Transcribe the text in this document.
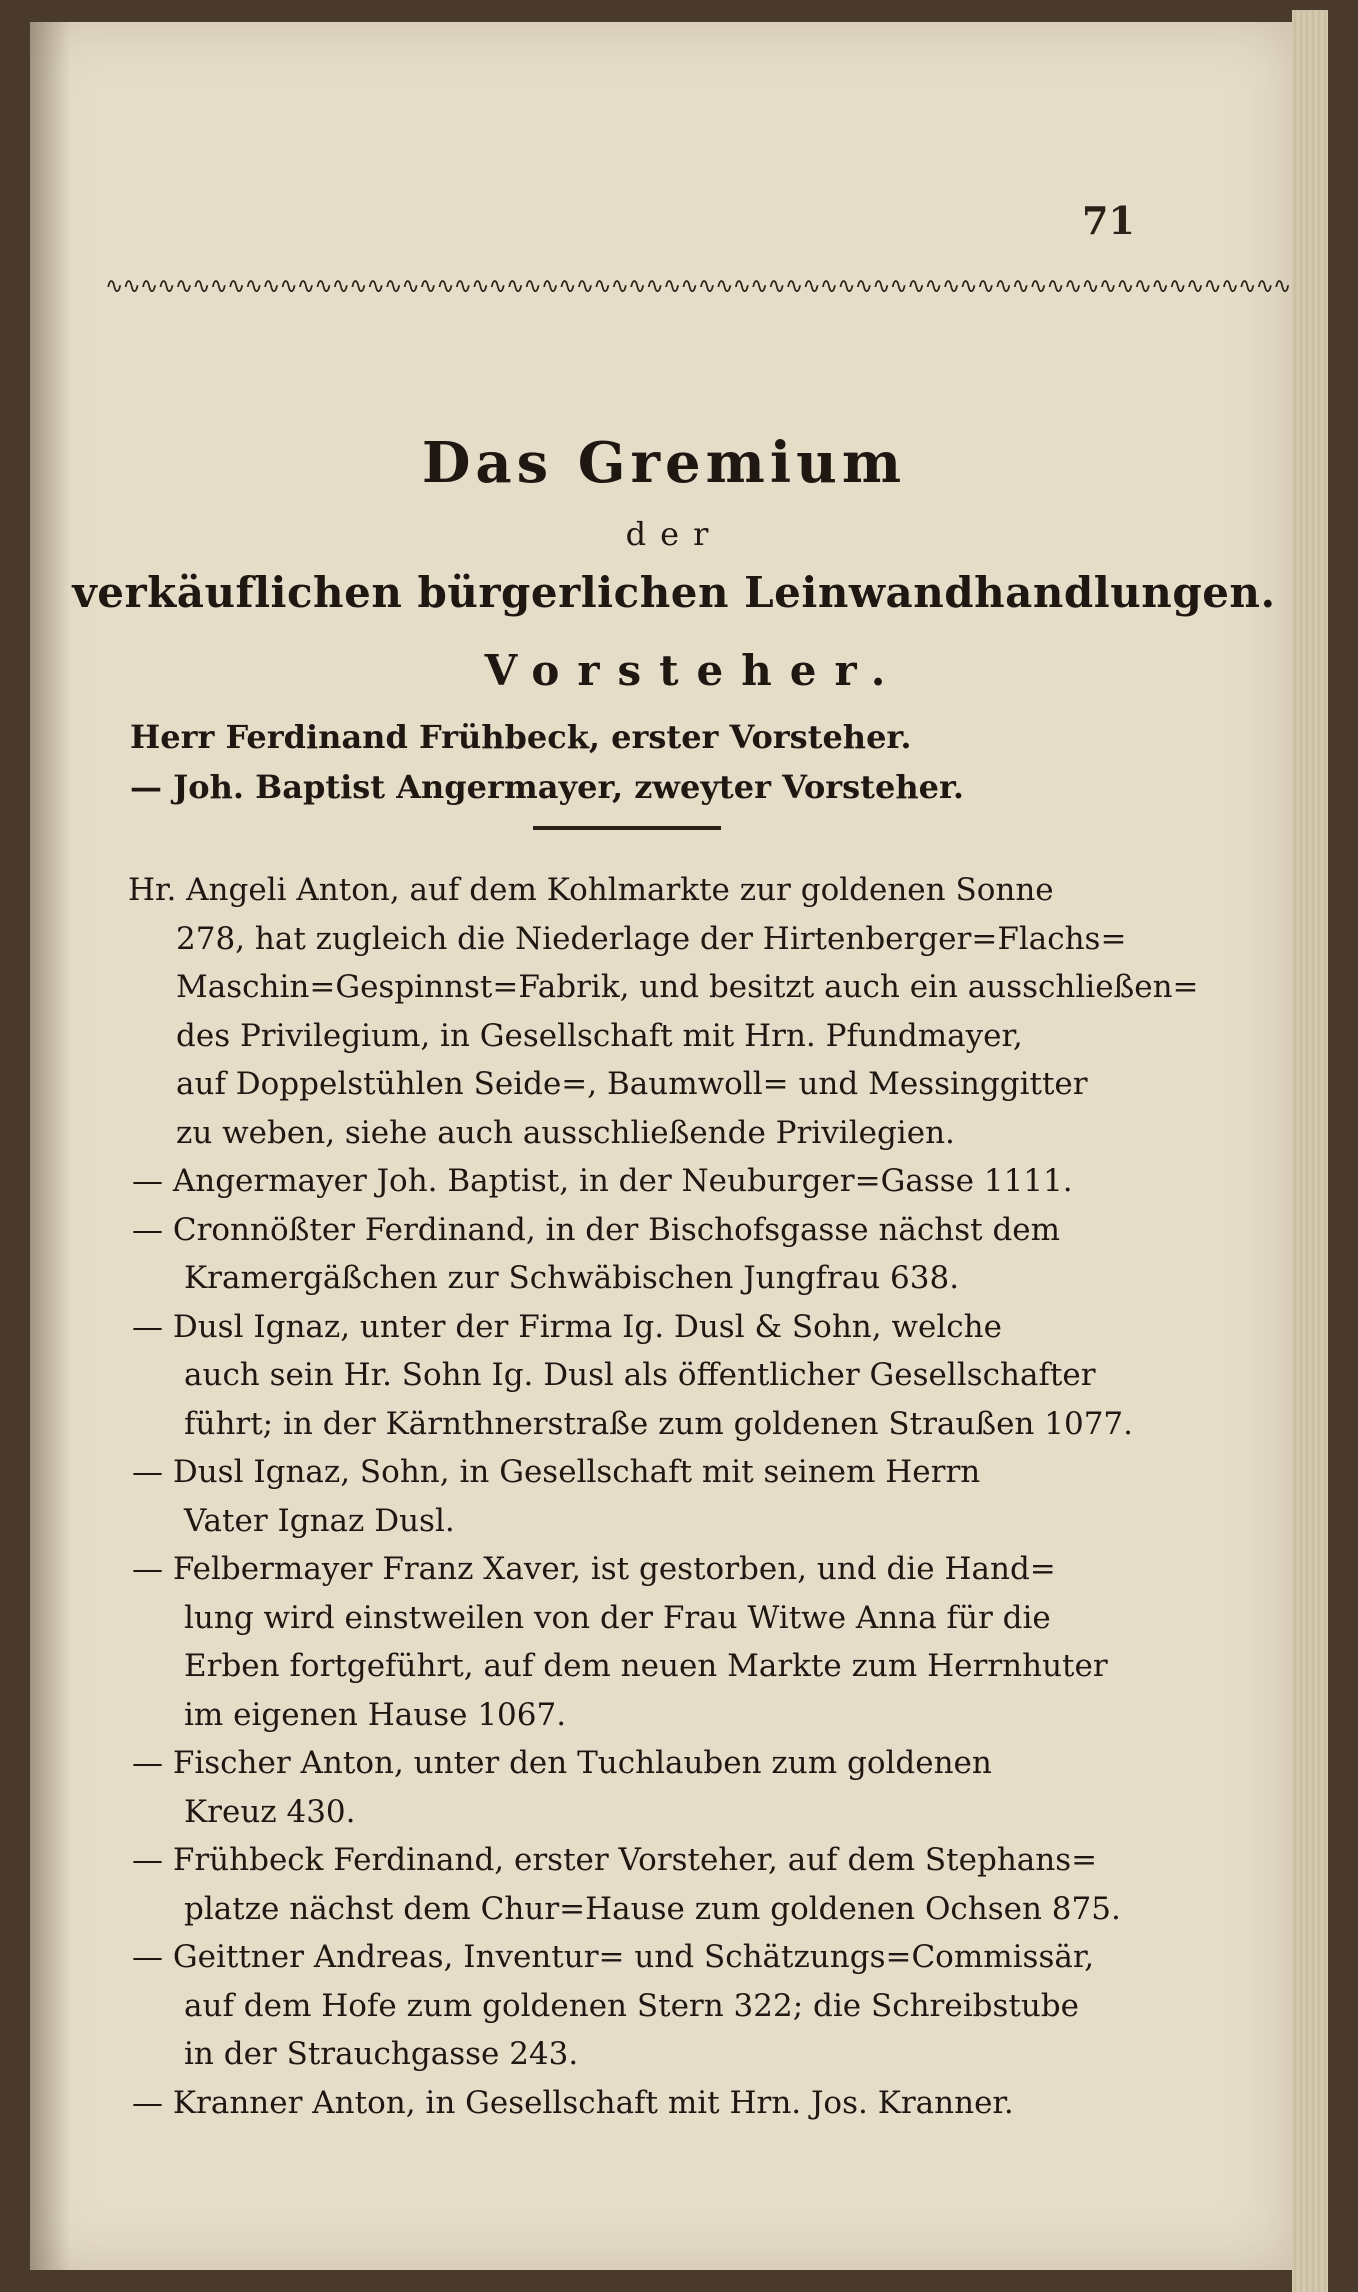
71
∿∿∿∿∿∿∿∿∿∿∿∿∿∿∿∿∿∿∿∿∿∿∿∿∿∿∿∿∿∿∿∿∿∿∿∿∿∿∿∿∿∿∿∿∿∿∿∿∿∿∿∿∿∿∿∿∿∿∿∿∿∿∿∿∿∿∿∿
Das Gremium
der
verkäuflichen bürgerlichen Leinwandhandlungen.
Vorsteher.
Herr Ferdinand Frühbeck, erster Vorsteher.
— Joh. Baptist Angermayer, zweyter Vorsteher.
Hr. Angeli Anton, auf dem Kohlmarkte zur goldenen Sonne
278, hat zugleich die Niederlage der Hirtenberger=Flachs=
Maschin=Gespinnst=Fabrik, und besitzt auch ein ausschließen=
des Privilegium, in Gesellschaft mit Hrn. Pfundmayer,
auf Doppelstühlen Seide=, Baumwoll= und Messinggitter
zu weben, siehe auch ausschließende Privilegien.
— Angermayer Joh. Baptist, in der Neuburger=Gasse 1111.
— Cronnößter Ferdinand, in der Bischofsgasse nächst dem
Kramergäßchen zur Schwäbischen Jungfrau 638.
— Dusl Ignaz, unter der Firma Ig. Dusl & Sohn, welche
auch sein Hr. Sohn Ig. Dusl als öffentlicher Gesellschafter
führt; in der Kärnthnerstraße zum goldenen Straußen 1077.
— Dusl Ignaz, Sohn, in Gesellschaft mit seinem Herrn
Vater Ignaz Dusl.
— Felbermayer Franz Xaver, ist gestorben, und die Hand=
lung wird einstweilen von der Frau Witwe Anna für die
Erben fortgeführt, auf dem neuen Markte zum Herrnhuter
im eigenen Hause 1067.
— Fischer Anton, unter den Tuchlauben zum goldenen
Kreuz 430.
— Frühbeck Ferdinand, erster Vorsteher, auf dem Stephans=
platze nächst dem Chur=Hause zum goldenen Ochsen 875.
— Geittner Andreas, Inventur= und Schätzungs=Commissär,
auf dem Hofe zum goldenen Stern 322; die Schreibstube
in der Strauchgasse 243.
— Kranner Anton, in Gesellschaft mit Hrn. Jos. Kranner.
